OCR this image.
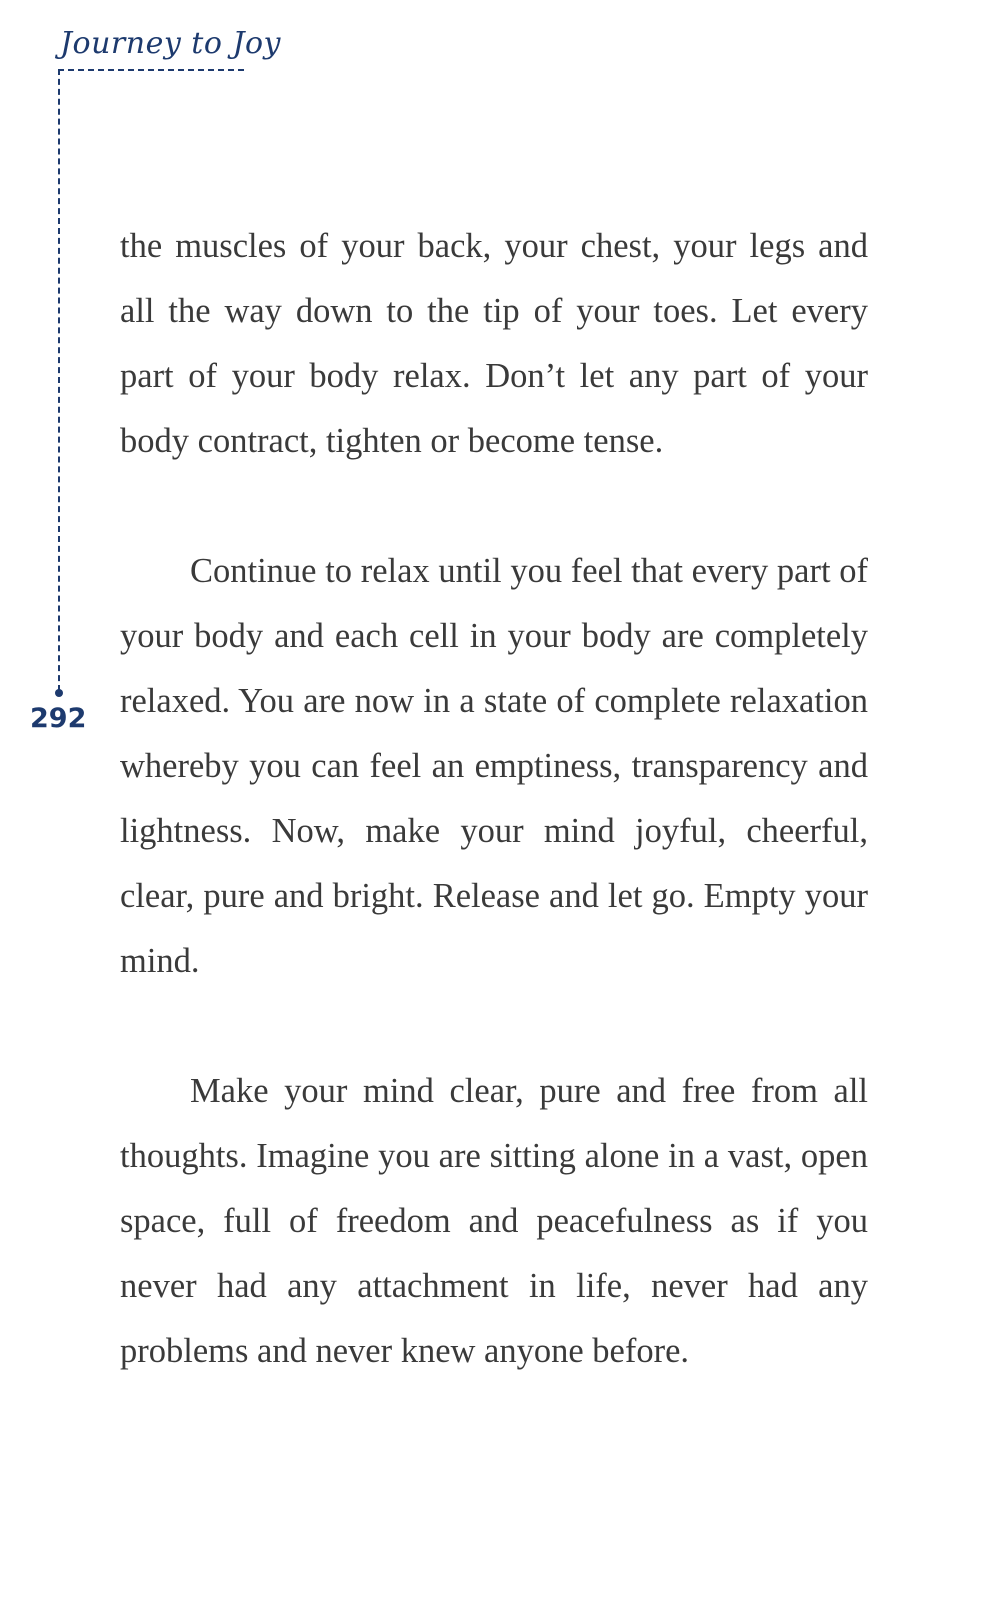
Journey to Joy
292

the muscles of your back, your chest, your legs and all the way down to the tip of your toes. Let every part of your body relax. Don’t let any part of your body contract, tighten or become tense.

Continue to relax until you feel that every part of your body and each cell in your body are completely relaxed. You are now in a state of complete relaxation whereby you can feel an emptiness, transparency and lightness. Now, make your mind joyful, cheerful, clear, pure and bright. Release and let go. Empty your mind.

Make your mind clear, pure and free from all thoughts. Imagine you are sitting alone in a vast, open space, full of freedom and peacefulness as if you never had any attachment in life, never had any problems and never knew anyone before.
